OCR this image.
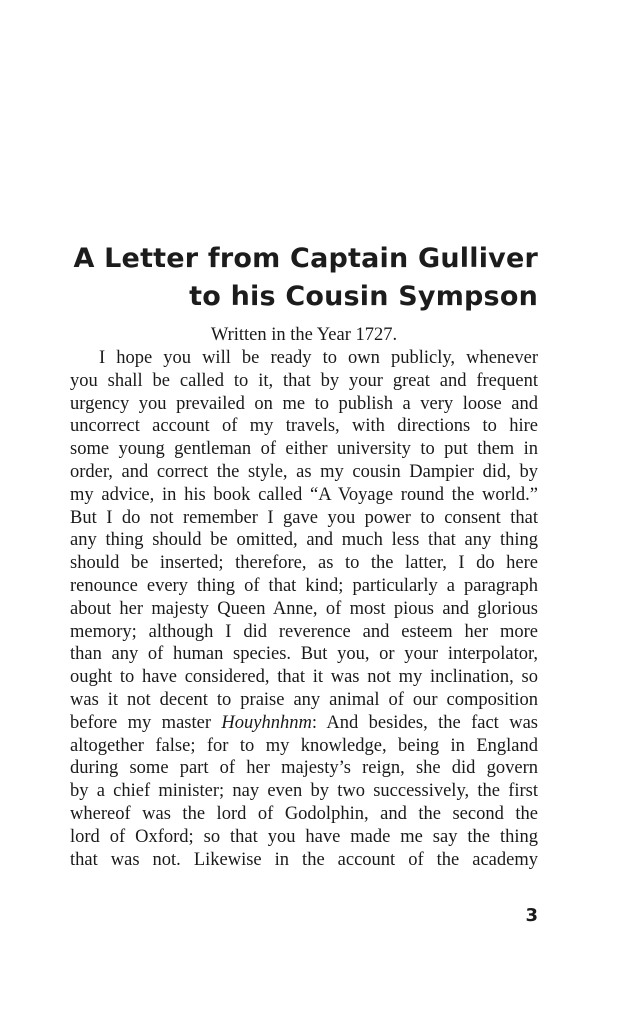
A Letter from Captain Gulliver
to his Cousin Sympson
Written in the Year 1727.
I hope you will be ready to own publicly, whenever
you shall be called to it, that by your great and frequent
urgency you prevailed on me to publish a very loose and
uncorrect account of my travels, with directions to hire
some young gentleman of either university to put them in
order, and correct the style, as my cousin Dampier did, by
my advice, in his book called “A Voyage round the world.”
But I do not remember I gave you power to consent that
any thing should be omitted, and much less that any thing
should be inserted; therefore, as to the latter, I do here
renounce every thing of that kind; particularly a paragraph
about her majesty Queen Anne, of most pious and glorious
memory; although I did reverence and esteem her more
than any of human species. But you, or your interpolator,
ought to have considered, that it was not my inclination, so
was it not decent to praise any animal of our composition
before my master Houyhnhnm: And besides, the fact was
altogether false; for to my knowledge, being in England
during some part of her majesty’s reign, she did govern
by a chief minister; nay even by two successively, the first
whereof was the lord of Godolphin, and the second the
lord of Oxford; so that you have made me say the thing
that was not. Likewise in the account of the academy
3
